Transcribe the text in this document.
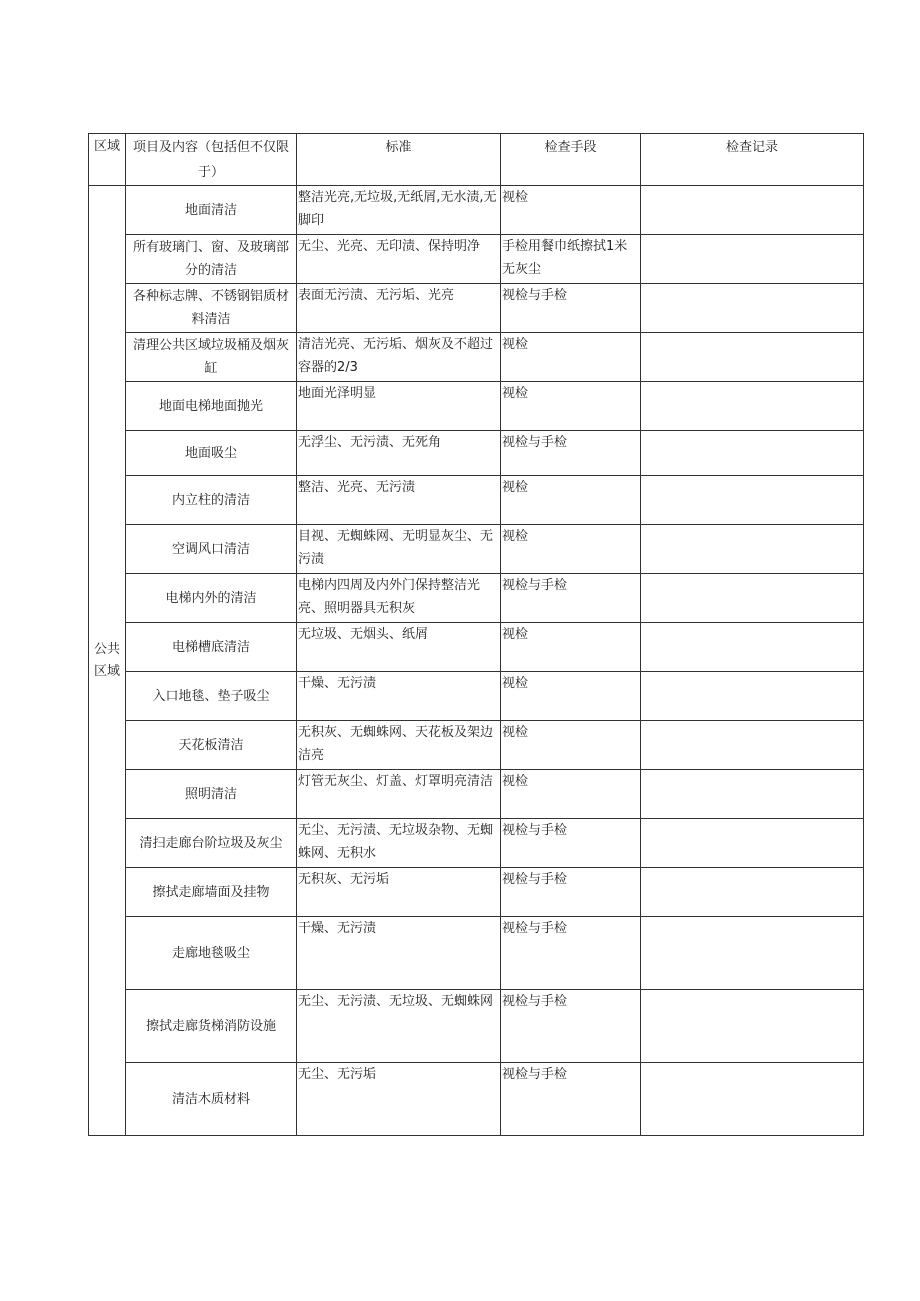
区域	项目及内容（包括但不仅限于）	标准	检查手段	检查记录
公共区域	地面清洁	整洁光亮,无垃圾,无纸屑,无水渍,无脚印	视检	
	所有玻璃门、窗、及玻璃部分的清洁	无尘、光亮、无印渍、保持明净	手检用餐巾纸擦拭1米无灰尘	
	各种标志牌、不锈钢铝质材料清洁	表面无污渍、无污垢、光亮	视检与手检	
	清理公共区域垃圾桶及烟灰缸	清洁光亮、无污垢、烟灰及不超过容器的2/3	视检	
	地面电梯地面抛光	地面光泽明显	视检	
	地面吸尘	无浮尘、无污渍、无死角	视检与手检	
	内立柱的清洁	整洁、光亮、无污渍	视检	
	空调风口清洁	目视、无蜘蛛网、无明显灰尘、无污渍	视检	
	电梯内外的清洁	电梯内四周及内外门保持整洁光亮、照明器具无积灰	视检与手检	
	电梯槽底清洁	无垃圾、无烟头、纸屑	视检	
	入口地毯、垫子吸尘	干燥、无污渍	视检	
	天花板清洁	无积灰、无蜘蛛网、天花板及架边洁亮	视检	
	照明清洁	灯管无灰尘、灯盖、灯罩明亮清洁	视检	
	清扫走廊台阶垃圾及灰尘	无尘、无污渍、无垃圾杂物、无蜘蛛网、无积水	视检与手检	
	擦拭走廊墙面及挂物	无积灰、无污垢	视检与手检	
	走廊地毯吸尘	干燥、无污渍	视检与手检	
	擦拭走廊货梯消防设施	无尘、无污渍、无垃圾、无蜘蛛网	视检与手检	
	清洁木质材料	无尘、无污垢	视检与手检	
